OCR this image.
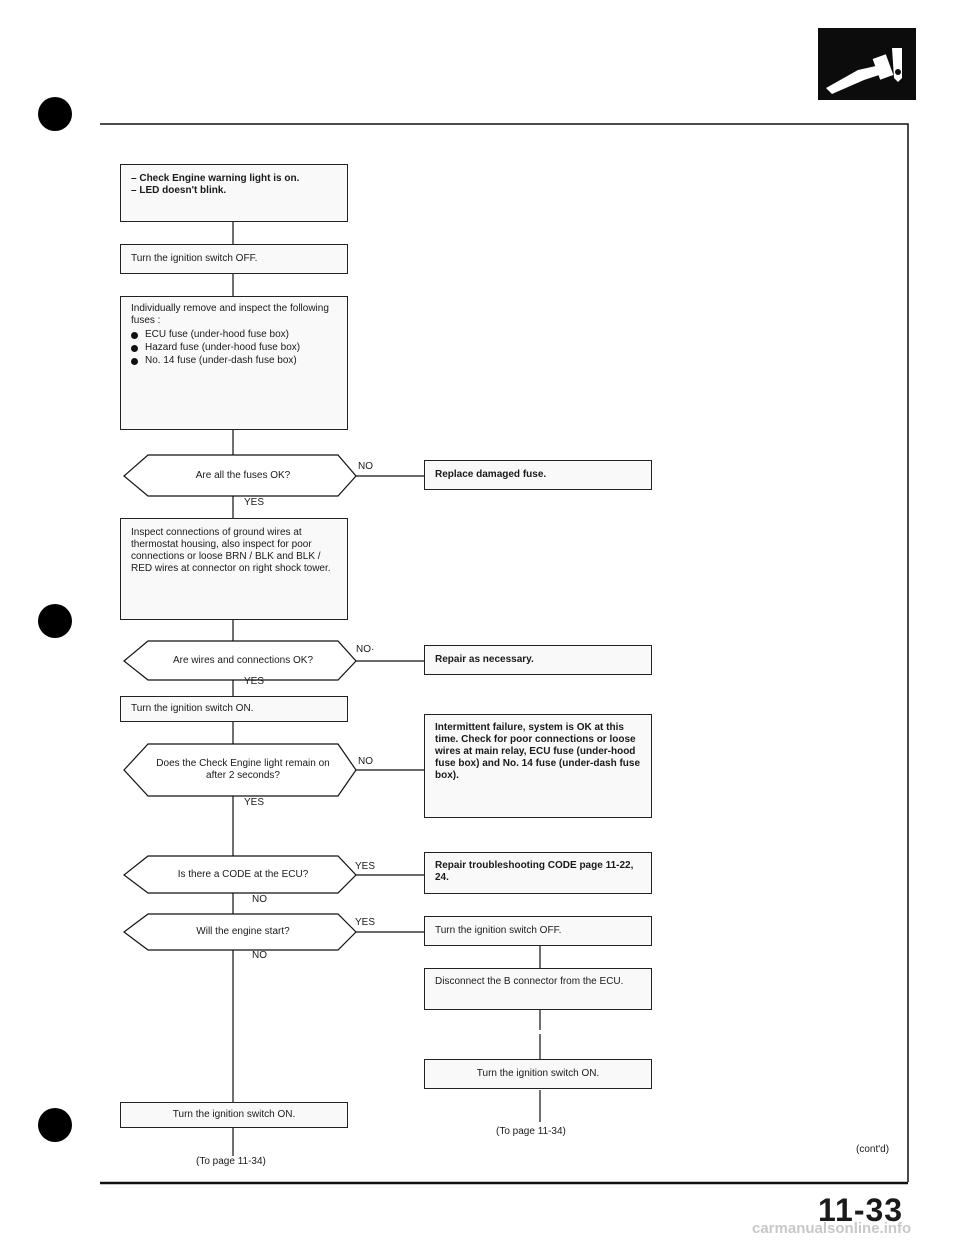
– Check Engine warning light is on.
– LED doesn't blink.
Turn the ignition switch OFF.
Individually remove and inspect the following fuses :
ECU fuse (under-hood fuse box)
Hazard fuse (under-hood fuse box)
No. 14 fuse (under-dash fuse box)
Are all the fuses OK?
NO
YES
Replace damaged fuse.
Inspect connections of ground wires at thermostat housing, also inspect for poor connections or loose BRN / BLK and BLK / RED wires at connector on right shock tower.
Are wires and connections OK?
NO·
YES
Repair as necessary.
Turn the ignition switch ON.
Does the Check Engine light remain on after 2 seconds?
NO
YES
Intermittent failure, system is OK at this time. Check for poor connections or loose wires at main relay, ECU fuse (under-hood fuse box) and No. 14 fuse (under-dash fuse box).
Is there a CODE at the ECU?
YES
NO
Repair troubleshooting CODE page 11-22, 24.
Will the engine start?
YES
NO
Turn the ignition switch OFF.
Disconnect the B connector from the ECU.
Turn the ignition switch ON.
(To page 11-34)
Turn the ignition switch ON.
(To page 11-34)
(cont'd)
11-33
carmanualsonline.info
